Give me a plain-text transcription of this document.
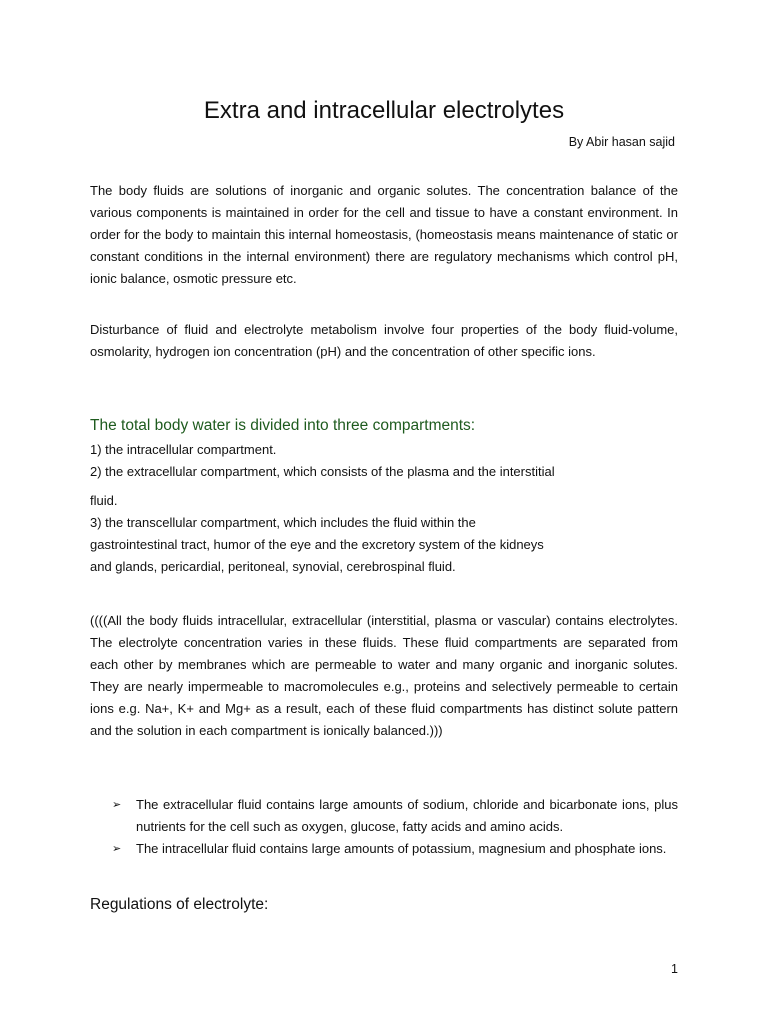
Extra and intracellular electrolytes

By Abir hasan sajid

The body fluids are solutions of inorganic and organic solutes. The concentration balance of the various components is maintained in order for the cell and tissue to have a constant environment. In order for the body to maintain this internal homeostasis, (homeostasis means maintenance of static or constant conditions in the internal environment) there are regulatory mechanisms which control pH, ionic balance, osmotic pressure etc.

Disturbance of fluid and electrolyte metabolism involve four properties of the body fluid-volume, osmolarity, hydrogen ion concentration (pH) and the concentration of other specific ions.

The total body water is divided into three compartments:

1) the intracellular compartment.

2) the extracellular compartment, which consists of the plasma and the interstitial

fluid.

3) the transcellular compartment, which includes the fluid within the

gastrointestinal tract, humor of the eye and the excretory system of the kidneys

and glands, pericardial, peritoneal, synovial, cerebrospinal fluid.

((((All the body fluids intracellular, extracellular (interstitial, plasma or vascular) contains electrolytes. The electrolyte concentration varies in these fluids. These fluid compartments are separated from each other by membranes which are permeable to water and many organic and inorganic solutes. They are nearly impermeable to macromolecules e.g., proteins and selectively permeable to certain ions e.g. Na+, K+ and Mg+ as a result, each of these fluid compartments has distinct solute pattern and the solution in each compartment is ionically balanced.)))

➢ The extracellular fluid contains large amounts of sodium, chloride and bicarbonate ions, plus nutrients for the cell such as oxygen, glucose, fatty acids and amino acids.
➢ The intracellular fluid contains large amounts of potassium, magnesium and phosphate ions.
Regulations of electrolyte:
1
